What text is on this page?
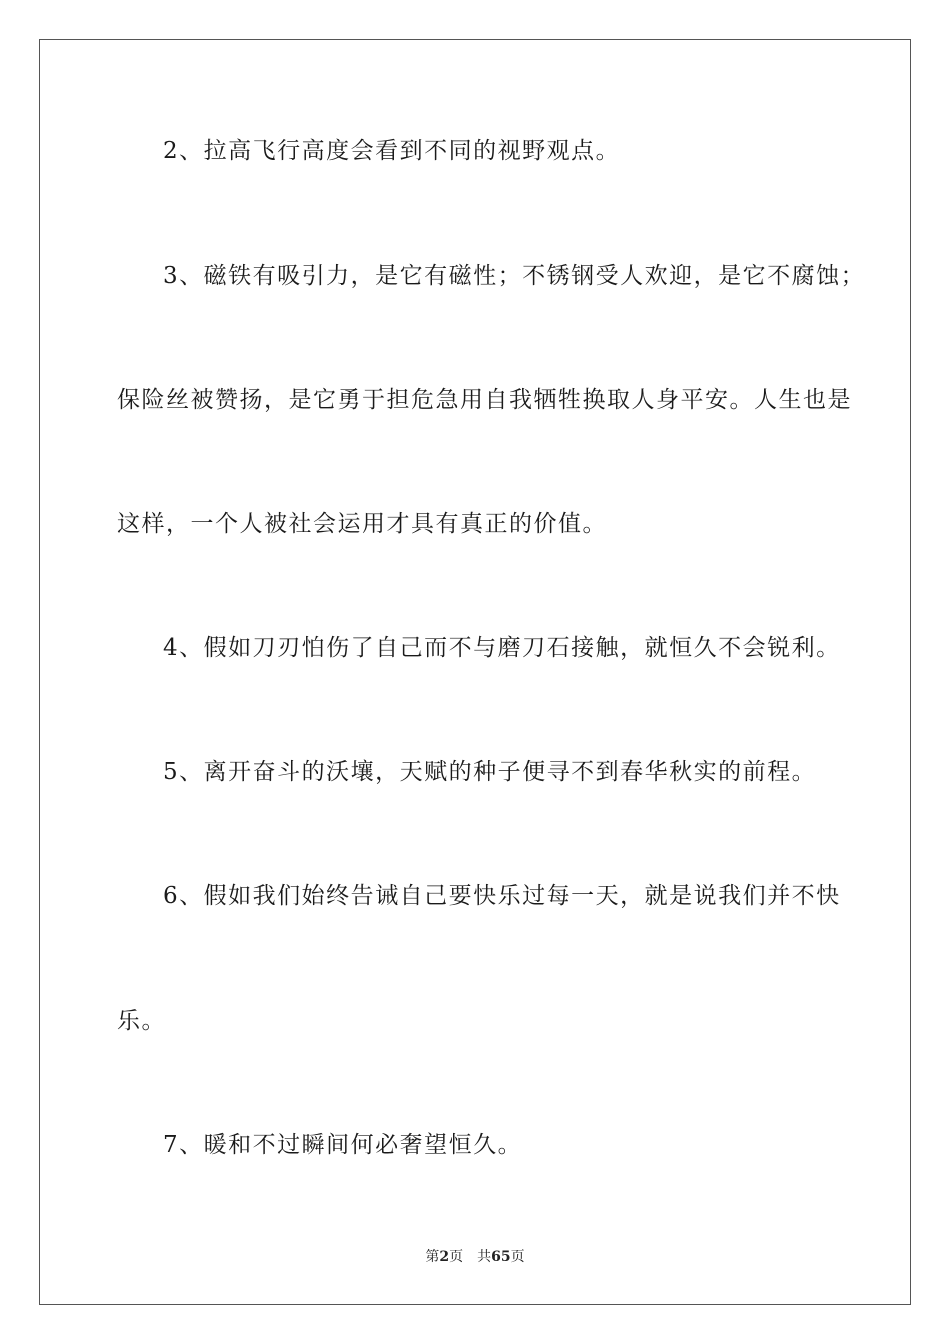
2、拉高飞行高度会看到不同的视野观点。
3、磁铁有吸引力，是它有磁性；不锈钢受人欢迎，是它不腐蚀；
保险丝被赞扬，是它勇于担危急用自我牺牲换取人身平安。人生也是
这样，一个人被社会运用才具有真正的价值。
4、假如刀刃怕伤了自己而不与磨刀石接触，就恒久不会锐利。
5、离开奋斗的沃壤，天赋的种子便寻不到春华秋实的前程。
6、假如我们始终告诫自己要快乐过每一天，就是说我们并不快
乐。
7、暖和不过瞬间何必奢望恒久。
第2页 共65页
